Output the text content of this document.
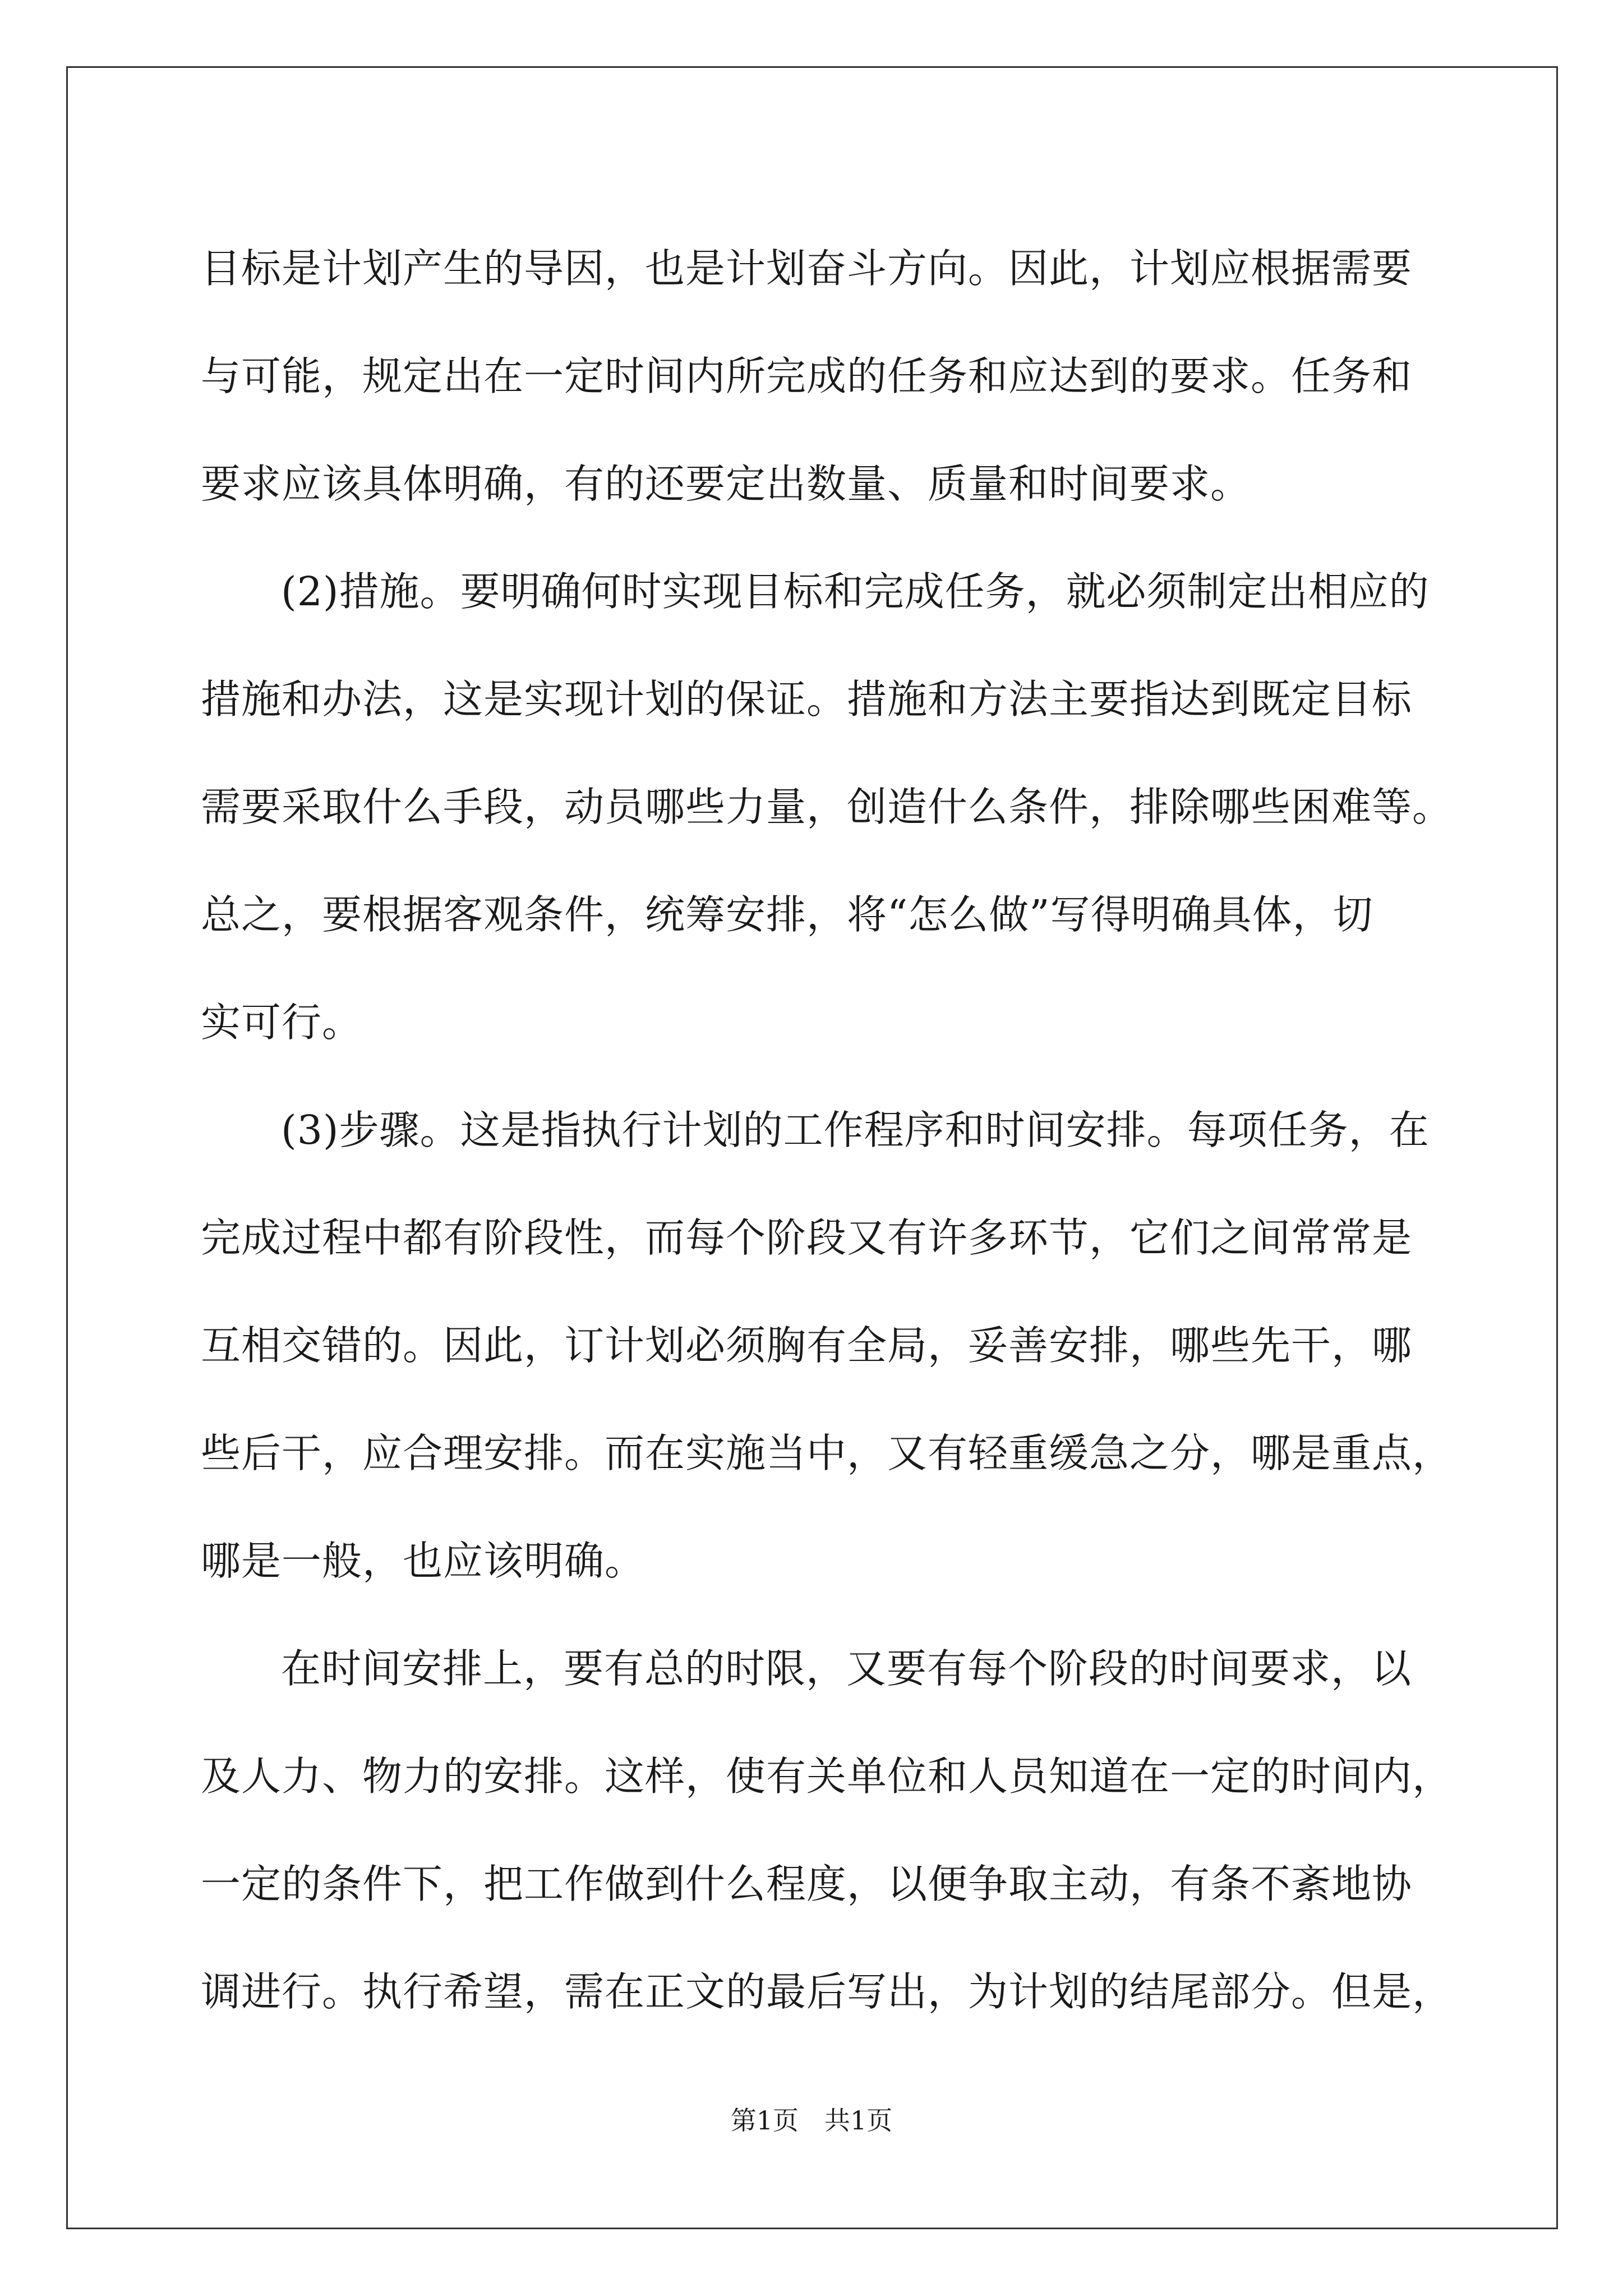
目标是计划产生的导因，也是计划奋斗方向。因此，计划应根据需要
与可能，规定出在一定时间内所完成的任务和应达到的要求。任务和
要求应该具体明确，有的还要定出数量、质量和时间要求。
(2)措施。要明确何时实现目标和完成任务，就必须制定出相应的
措施和办法，这是实现计划的保证。措施和方法主要指达到既定目标
需要采取什么手段，动员哪些力量，创造什么条件，排除哪些困难等。
总之，要根据客观条件，统筹安排，将“怎么做”写得明确具体，切
实可行。
(3)步骤。这是指执行计划的工作程序和时间安排。每项任务，在
完成过程中都有阶段性，而每个阶段又有许多环节，它们之间常常是
互相交错的。因此，订计划必须胸有全局，妥善安排，哪些先干，哪
些后干，应合理安排。而在实施当中，又有轻重缓急之分，哪是重点，
哪是一般，也应该明确。
在时间安排上，要有总的时限，又要有每个阶段的时间要求，以
及人力、物力的安排。这样，使有关单位和人员知道在一定的时间内，
一定的条件下，把工作做到什么程度，以便争取主动，有条不紊地协
调进行。执行希望，需在正文的最后写出，为计划的结尾部分。但是，
第1页 共1页
